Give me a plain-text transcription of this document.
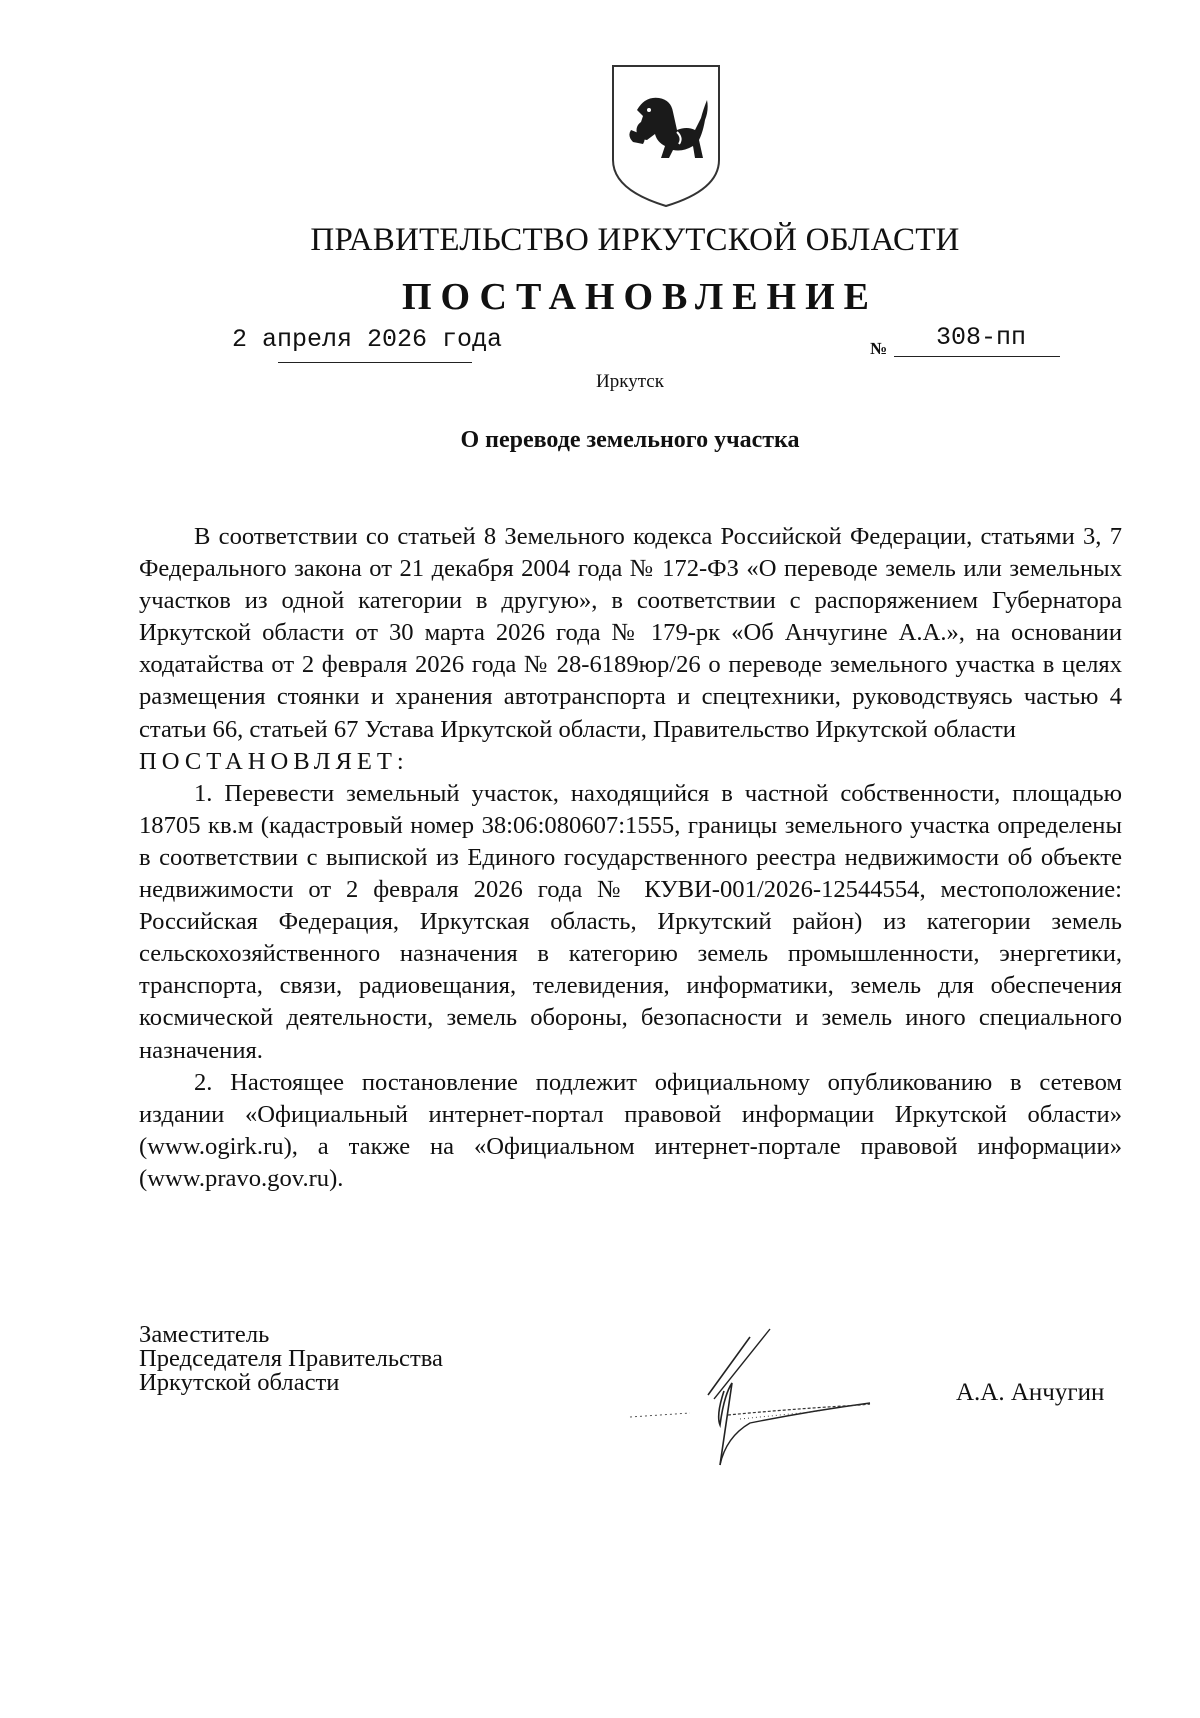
ПРАВИТЕЛЬСТВО ИРКУТСКОЙ ОБЛАСТИ
ПОСТАНОВЛЕНИЕ
2 апреля 2026 года	№ 308-пп
Иркутск
О переводе земельного участка

В соответствии со статьей 8 Земельного кодекса Российской Федерации, статьями 3, 7 Федерального закона от 21 декабря 2004 года № 172-ФЗ «О переводе земель или земельных участков из одной категории в другую», в соответствии с распоряжением Губернатора Иркутской области от 30 марта 2026 года № 179-рк «Об Анчугине А.А.», на основании ходатайства от 2 февраля 2026 года № 28-6189юр/26 о переводе земельного участка в целях размещения стоянки и хранения автотранспорта и спецтехники, руководствуясь частью 4 статьи 66, статьей 67 Устава Иркутской области, Правительство Иркутской области

ПОСТАНОВЛЯЕТ:

1. Перевести земельный участок, находящийся в частной собственности, площадью 18705 кв.м (кадастровый номер 38:06:080607:1555, границы земельного участка определены в соответствии с выпиской из Единого государственного реестра недвижимости об объекте недвижимости от 2 февраля 2026 года № КУВИ-001/2026-12544554, местоположение: Российская Федерация, Иркутская область, Иркутский район) из категории земель сельскохозяйственного назначения в категорию земель промышленности, энергетики, транспорта, связи, радиовещания, телевидения, информатики, земель для обеспечения космической деятельности, земель обороны, безопасности и земель иного специального назначения.

2. Настоящее постановление подлежит официальному опубликованию в сетевом издании «Официальный интернет-портал правовой информации Иркутской области» (www.ogirk.ru), а также на «Официальном интернет-портале правовой информации» (www.pravo.gov.ru).

Заместитель
Председателя Правительства
Иркутской области	А.А. Анчугин
